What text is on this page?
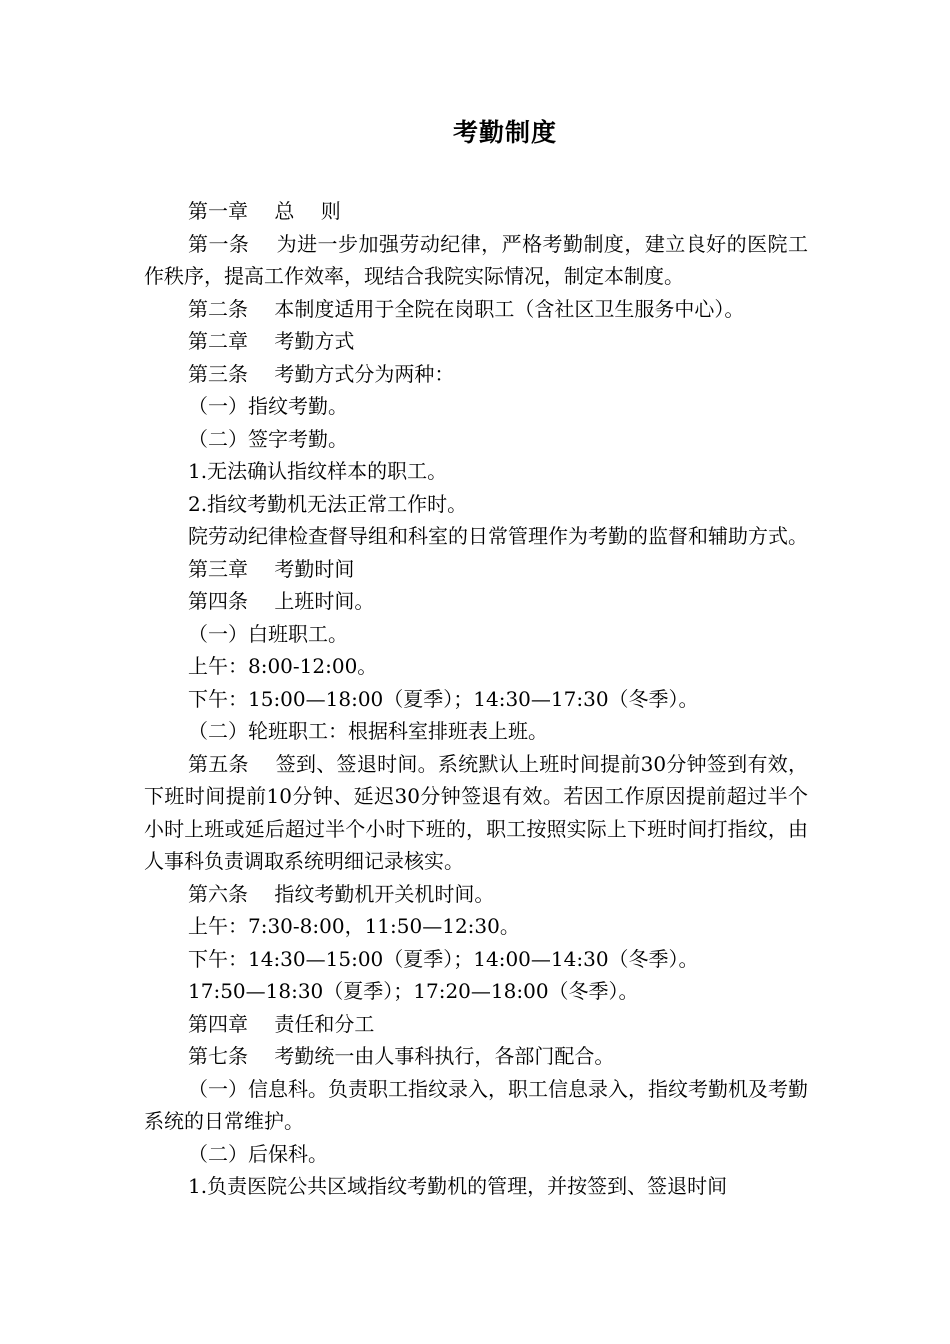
考勤制度

第一章　 总　 则

第一条　 为进一步加强劳动纪律，严格考勤制度，建立良好的医院工作秩序，提高工作效率，现结合我院实际情况，制定本制度。

第二条　 本制度适用于全院在岗职工（含社区卫生服务中心）。

第二章　 考勤方式

第三条　 考勤方式分为两种：

（一）指纹考勤。

（二）签字考勤。

1.无法确认指纹样本的职工。

2.指纹考勤机无法正常工作时。

院劳动纪律检查督导组和科室的日常管理作为考勤的监督和辅助方式。

第三章　 考勤时间

第四条　 上班时间。

（一）白班职工。

上午：8:00-12:00。

下午：15:00—18:00（夏季）；14:30—17:30（冬季）。

（二）轮班职工：根据科室排班表上班。

第五条　 签到、签退时间。系统默认上班时间提前30分钟签到有效，下班时间提前10分钟、延迟30分钟签退有效。若因工作原因提前超过半个小时上班或延后超过半个小时下班的，职工按照实际上下班时间打指纹，由人事科负责调取系统明细记录核实。

第六条　 指纹考勤机开关机时间。

上午：7:30-8:00，11:50—12:30。

下午：14:30—15:00（夏季）；14:00—14:30（冬季）。

17:50—18:30（夏季）；17:20—18:00（冬季）。

第四章　 责任和分工

第七条　 考勤统一由人事科执行，各部门配合。

（一）信息科。负责职工指纹录入，职工信息录入，指纹考勤机及考勤系统的日常维护。

（二）后保科。

1.负责医院公共区域指纹考勤机的管理，并按签到、签退时间
